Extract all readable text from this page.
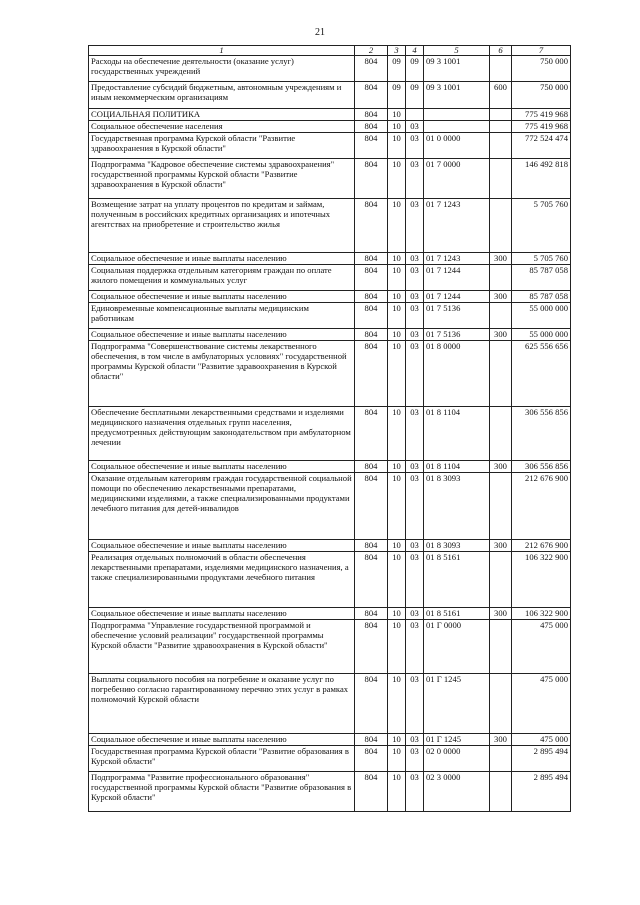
21
1	2	3	4	5	6	7
Расходы на обеспечение деятельности (оказание услуг) государственных учреждений	804	09	09	09 3 1001		750 000
Предоставление субсидий бюджетным, автономным учреждениям и иным некоммерческим организациям	804	09	09	09 3 1001	600	750 000
СОЦИАЛЬНАЯ ПОЛИТИКА	804	10				775 419 968
Социальное обеспечение населения	804	10	03			775 419 968
Государственная программа Курской области "Развитие здравоохранения в Курской области"	804	10	03	01 0 0000		772 524 474
Подпрограмма "Кадровое обеспечение системы здравоохранения" государственной программы Курской области "Развитие здравоохранения в Курской области"	804	10	03	01 7 0000		146 492 818
Возмещение затрат на уплату процентов по кредитам и займам, полученным в российских кредитных организациях и ипотечных агентствах на приобретение и строительство жилья	804	10	03	01 7 1243		5 705 760
Социальное обеспечение и иные выплаты населению	804	10	03	01 7 1243	300	5 705 760
Социальная поддержка отдельным категориям граждан по оплате жилого помещения и коммунальных услуг	804	10	03	01 7 1244		85 787 058
Социальное обеспечение и иные выплаты населению	804	10	03	01 7 1244	300	85 787 058
Единовременные компенсационные выплаты медицинским работникам	804	10	03	01 7 5136		55 000 000
Социальное обеспечение и иные выплаты населению	804	10	03	01 7 5136	300	55 000 000
Подпрограмма "Совершенствование системы лекарственного обеспечения, в том числе в амбулаторных условиях" государственной программы Курской области "Развитие здравоохранения в Курской области"	804	10	03	01 8 0000		625 556 656
Обеспечение бесплатными лекарственными средствами и изделиями медицинского назначения отдельных групп населения, предусмотренных действующим законодательством при амбулаторном лечении	804	10	03	01 8 1104		306 556 856
Социальное обеспечение и иные выплаты населению	804	10	03	01 8 1104	300	306 556 856
Оказание отдельным категориям граждан государственной социальной помощи по обеспечению лекарственными препаратами, медицинскими изделиями, а также специализированными продуктами лечебного питания для детей-инвалидов	804	10	03	01 8 3093		212 676 900
Социальное обеспечение и иные выплаты населению	804	10	03	01 8 3093	300	212 676 900
Реализация отдельных полномочий в области обеспечения лекарственными препаратами, изделиями медицинского назначения, а также специализированными продуктами лечебного питания	804	10	03	01 8 5161		106 322 900
Социальное обеспечение и иные выплаты населению	804	10	03	01 8 5161	300	106 322 900
Подпрограмма "Управление государственной программой и обеспечение условий реализации" государственной программы Курской области "Развитие здравоохранения в Курской области"	804	10	03	01 Г 0000		475 000
Выплаты социального пособия на погребение и оказание услуг по погребению согласно гарантированному перечню этих услуг в рамках полномочий Курской области	804	10	03	01 Г 1245		475 000
Социальное обеспечение и иные выплаты населению	804	10	03	01 Г 1245	300	475 000
Государственная программа Курской области "Развитие образования в Курской области"	804	10	03	02 0 0000		2 895 494
Подпрограмма "Развитие профессионального образования" государственной программы Курской области "Развитие образования в Курской области"	804	10	03	02 3 0000		2 895 494
